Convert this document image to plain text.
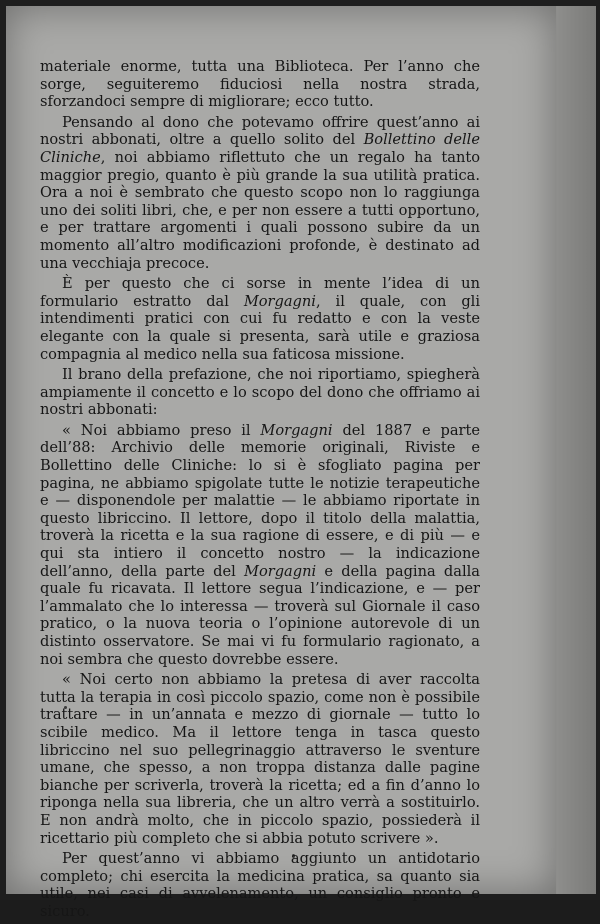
materiale enorme, tutta una Biblioteca. Per l’anno che sorge, seguiteremo fiduciosi nella nostra strada, sforzandoci sempre di migliorare; ecco tutto.

Pensando al dono che potevamo offrire quest’anno ai nostri abbonati, oltre a quello solito del Bollettino delle Cliniche, noi abbiamo riflettuto che un regalo ha tanto maggior pregio, quanto è più grande la sua utilità pratica. Ora a noi è sembrato che questo scopo non lo raggiunga uno dei soliti libri, che, e per non essere a tutti opportuno, e per trattare argomenti i quali possono subire da un momento all’altro modificazioni profonde, è destinato ad una vecchiaja precoce.

È per questo che ci sorse in mente l’idea di un formulario estratto dal Morgagni, il quale, con gli intendimenti pratici con cui fu redatto e con la veste elegante con la quale si presenta, sarà utile e graziosa compagnia al medico nella sua faticosa missione.

Il brano della prefazione, che noi riportiamo, spiegherà ampiamente il concetto e lo scopo del dono che offriamo ai nostri abbonati:

« Noi abbiamo preso il Morgagni del 1887 e parte dell’88: Archivio delle memorie originali, Riviste e Bollettino delle Cliniche: lo si è sfogliato pagina per pagina, ne abbiamo spigolate tutte le notizie terapeutiche e — disponendole per malattie — le abbiamo riportate in questo libriccino. Il lettore, dopo il titolo della malattia, troverà la ricetta e la sua ragione di essere, e di più — e qui sta intiero il concetto nostro — la indicazione dell’anno, della parte del Morgagni e della pagina dalla quale fu ricavata. Il lettore segua l’indicazione, e — per l’ammalato che lo interessa — troverà sul Giornale il caso pratico, o la nuova teoria o l’opinione autorevole di un distinto osservatore. Se mai vi fu formulario ragionato, a noi sembra che questo dovrebbe essere.

« Noi certo non abbiamo la pretesa di aver raccolta tutta la terapia in così piccolo spazio, come non è possibile trattare — in un’annata e mezzo di giornale — tutto lo scibile medico. Ma il lettore tenga in tasca questo libriccino nel suo pellegrinaggio attraverso le sventure umane, che spesso, a non troppa distanza dalle pagine bianche per scriverla, troverà la ricetta; ed a fin d’anno lo riponga nella sua libreria, che un altro verrà a sostituirlo. E non andrà molto, che in piccolo spazio, possiederà il ricettario più completo che si abbia potuto scrivere ».

Per quest’anno vi abbiamo aggiunto un antidotario completo; chi esercita la medicina pratica, sa quanto sia utile, nei casi di avvelenamento, un consiglio pronto e sicuro.
